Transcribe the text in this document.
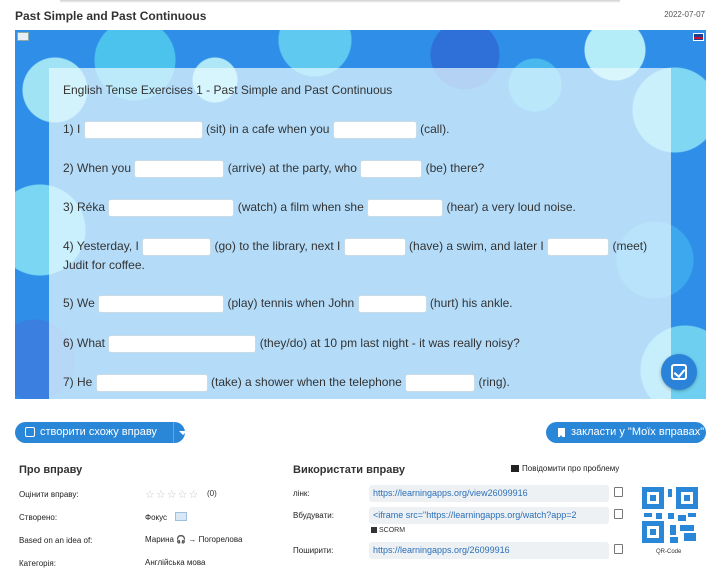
Past Simple and Past Continuous	2022-07-07
English Tense Exercises 1 - Past Simple and Past Continuous
1) I	(sit) in a cafe when you	(call).
2) When you	(arrive) at the party, who	(be) there?
3) Réka	(watch) a film when she	(hear) a very loud noise.
4) Yesterday, I	(go) to the library, next I	(have) a swim, and later I	(meet)
Judit for coffee.
5) We	(play) tennis when John	(hurt) his ankle.
6) What	(they/do) at 10 pm last night - it was really noisy?
7) He	(take) a shower when the telephone	(ring).
створити схожу вправу	закласти у "Моїх вправах"
Про вправу
Оцінити вправу:	☆☆☆☆☆ (0)
Створено:	Фокус
Based on an idea of:	Марина 🎧 → Погорелова
Категорія:	Англійська мова
Використати вправу	Повідомити про проблему
лінк:	https://learningapps.org/view26099916
Вбудувати:	<iframe src="https://learningapps.org/watch?app=2
SCORM
Поширити:	https://learningapps.org/26099916	QR-Code
